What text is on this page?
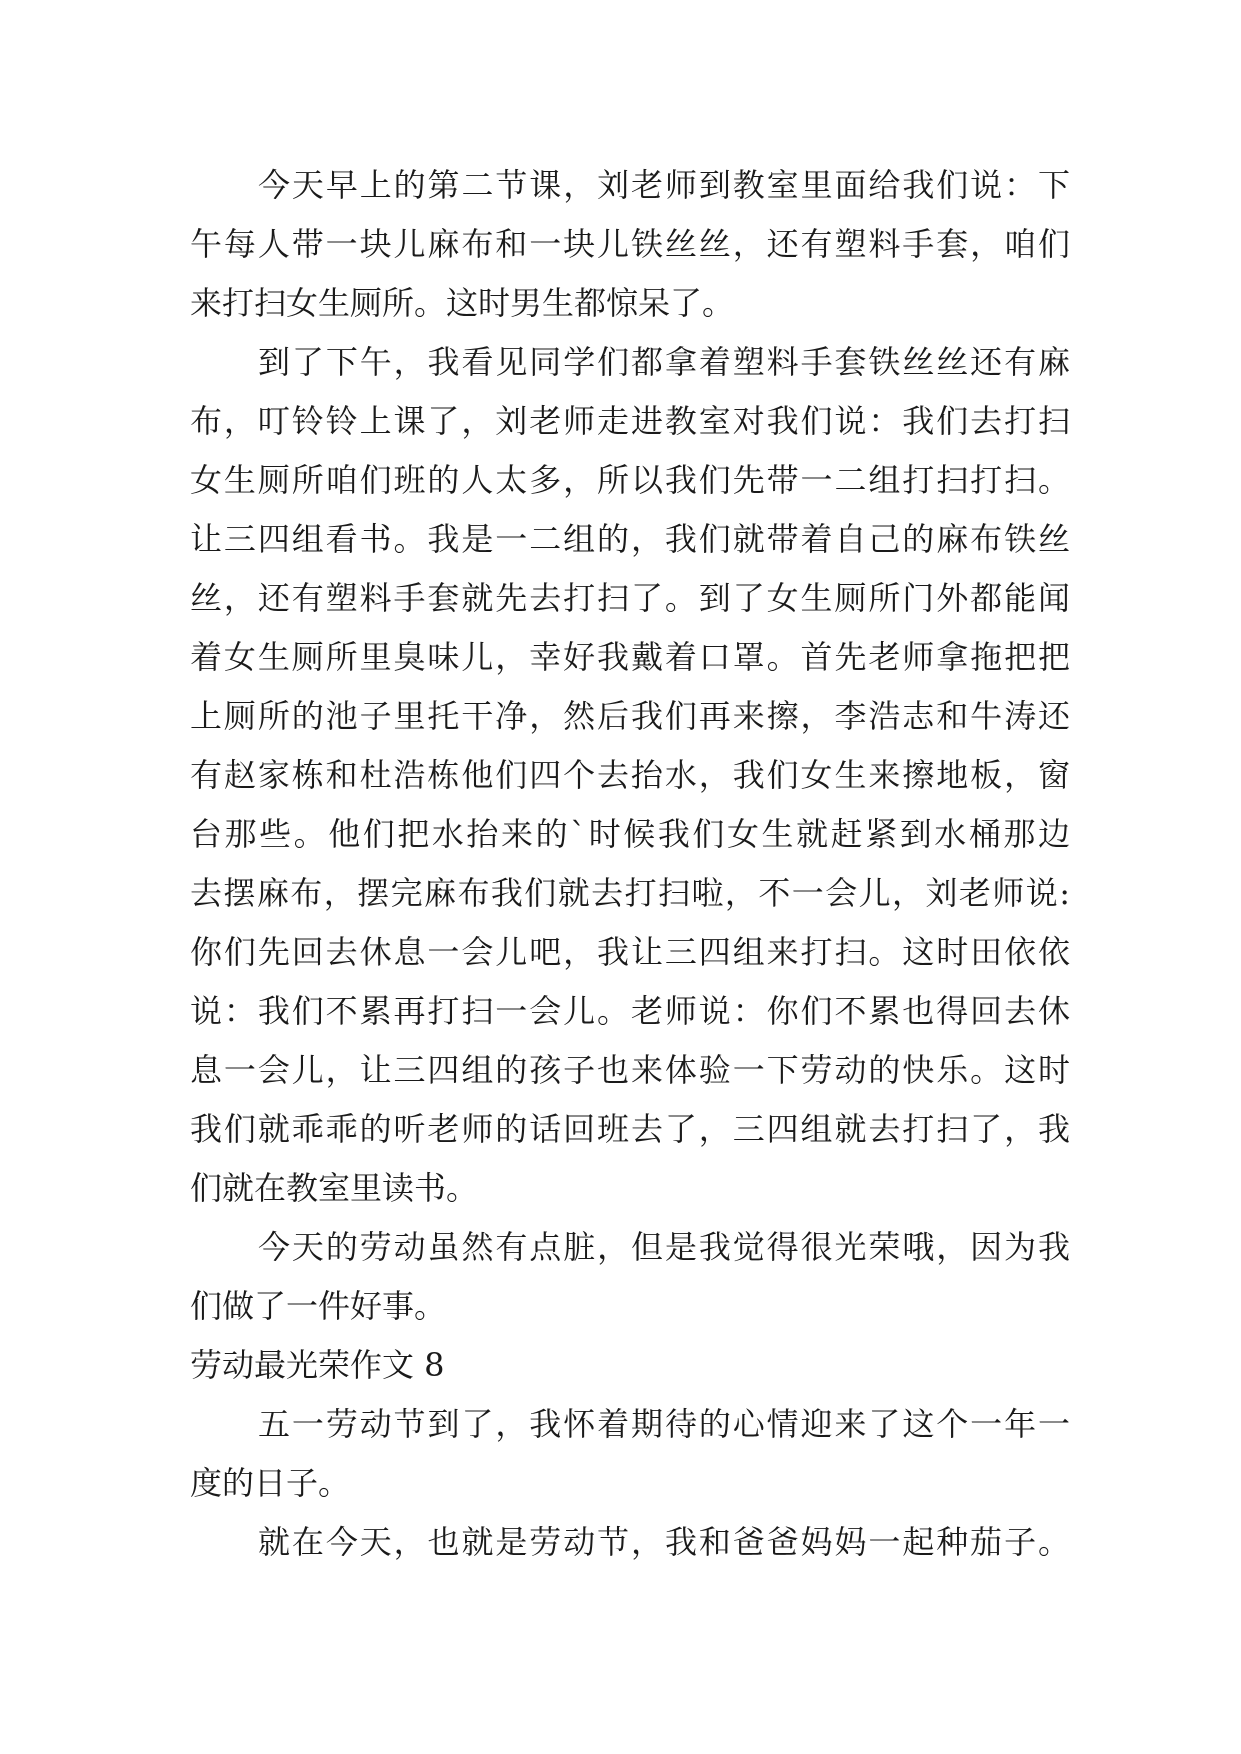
今天早上的第二节课，刘老师到教室里面给我们说：下
午每人带一块儿麻布和一块儿铁丝丝，还有塑料手套，咱们
来打扫女生厕所。这时男生都惊呆了。
到了下午，我看见同学们都拿着塑料手套铁丝丝还有麻
布，叮铃铃上课了，刘老师走进教室对我们说：我们去打扫
女生厕所咱们班的人太多，所以我们先带一二组打扫打扫。
让三四组看书。我是一二组的，我们就带着自己的麻布铁丝
丝，还有塑料手套就先去打扫了。到了女生厕所门外都能闻
着女生厕所里臭味儿，幸好我戴着口罩。首先老师拿拖把把
上厕所的池子里托干净，然后我们再来擦，李浩志和牛涛还
有赵家栋和杜浩栋他们四个去抬水，我们女生来擦地板，窗
台那些。他们把水抬来的`时候我们女生就赶紧到水桶那边
去摆麻布，摆完麻布我们就去打扫啦，不一会儿，刘老师说:
你们先回去休息一会儿吧，我让三四组来打扫。这时田依依
说：我们不累再打扫一会儿。老师说：你们不累也得回去休
息一会儿，让三四组的孩子也来体验一下劳动的快乐。这时
我们就乖乖的听老师的话回班去了，三四组就去打扫了，我
们就在教室里读书。
今天的劳动虽然有点脏，但是我觉得很光荣哦，因为我
们做了一件好事。
劳动最光荣作文 8
五一劳动节到了，我怀着期待的心情迎来了这个一年一
度的日子。
就在今天，也就是劳动节，我和爸爸妈妈一起种茄子。
